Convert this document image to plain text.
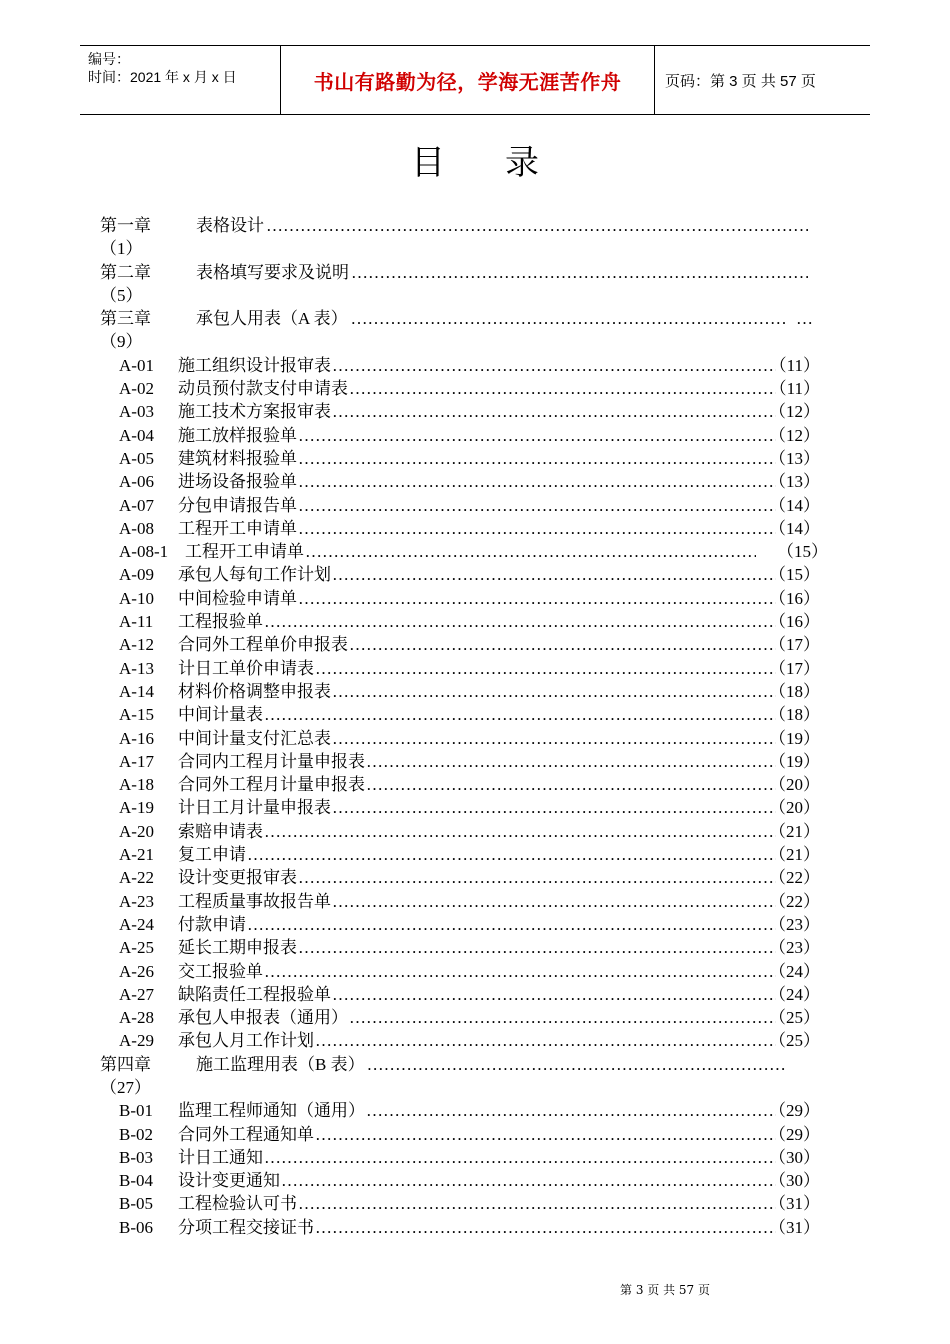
编号：
时间：2021 年 x 月 x 日	书山有路勤为径，学海无涯苦作舟	页码：第 3 页 共 57 页
目录
第一章	表格设计
……………………………………………………………………………………………………………………………………………………
（1）
第二章	表格填写要求及说明
……………………………………………………………………………………………………………………………………………………
（5）
第三章	承包人用表（A 表）
……………………………………………………………………………………………………………………………………………………
……………………………………………………………………………………………………………………………………………………
（9）
A-01 施工组织设计报审表 ……………………………………………………………………………………………………………………………………………………	（11）
A-02 动员预付款支付申请表 ……………………………………………………………………………………………………………………………………………………	（11）
A-03 施工技术方案报审表 ……………………………………………………………………………………………………………………………………………………	（12）
A-04 施工放样报验单 ……………………………………………………………………………………………………………………………………………………	（12）
A-05 建筑材料报验单 ……………………………………………………………………………………………………………………………………………………	（13）
A-06 进场设备报验单 ……………………………………………………………………………………………………………………………………………………	（13）
A-07 分包申请报告单 ……………………………………………………………………………………………………………………………………………………	（14）
A-08 工程开工申请单 ……………………………………………………………………………………………………………………………………………………	（14）
A-08-1 工程开工申请单 ……………………………………………………………………………………………………………………………………………………	（15）
A-09 承包人每旬工作计划 ……………………………………………………………………………………………………………………………………………………	（15）
A-10 中间检验申请单 ……………………………………………………………………………………………………………………………………………………	（16）
A-11 工程报验单 ……………………………………………………………………………………………………………………………………………………	（16）
A-12 合同外工程单价申报表 ……………………………………………………………………………………………………………………………………………………	（17）
A-13 计日工单价申请表 ……………………………………………………………………………………………………………………………………………………	（17）
A-14 材料价格调整申报表 ……………………………………………………………………………………………………………………………………………………	（18）
A-15 中间计量表 ……………………………………………………………………………………………………………………………………………………	（18）
A-16 中间计量支付汇总表 ……………………………………………………………………………………………………………………………………………………	（19）
A-17 合同内工程月计量申报表 ……………………………………………………………………………………………………………………………………………………	（19）
A-18 合同外工程月计量申报表 ……………………………………………………………………………………………………………………………………………………	（20）
A-19 计日工月计量申报表 ……………………………………………………………………………………………………………………………………………………	（20）
A-20 索赔申请表 ……………………………………………………………………………………………………………………………………………………	（21）
A-21 复工申请 ……………………………………………………………………………………………………………………………………………………	（21）
A-22 设计变更报审表 ……………………………………………………………………………………………………………………………………………………	（22）
A-23 工程质量事故报告单 ……………………………………………………………………………………………………………………………………………………	（22）
A-24 付款申请 ……………………………………………………………………………………………………………………………………………………	（23）
A-25 延长工期申报表 ……………………………………………………………………………………………………………………………………………………	（23）
A-26 交工报验单 ……………………………………………………………………………………………………………………………………………………	（24）
A-27 缺陷责任工程报验单 ……………………………………………………………………………………………………………………………………………………	（24）
A-28 承包人申报表（通用） ……………………………………………………………………………………………………………………………………………………	（25）
A-29 承包人月工作计划 ……………………………………………………………………………………………………………………………………………………	（25）
第四章	施工监理用表（B 表）
……………………………………………………………………………………………………………………………………………………
（27）
B-01 监理工程师通知（通用） ……………………………………………………………………………………………………………………………………………………	（29）
B-02 合同外工程通知单 ……………………………………………………………………………………………………………………………………………………	（29）
B-03 计日工通知 ……………………………………………………………………………………………………………………………………………………	（30）
B-04 设计变更通知 ……………………………………………………………………………………………………………………………………………………	（30）
B-05 工程检验认可书 ……………………………………………………………………………………………………………………………………………………	（31）
B-06 分项工程交接证书 ……………………………………………………………………………………………………………………………………………………	（31）
第 3 页 共 57 页
